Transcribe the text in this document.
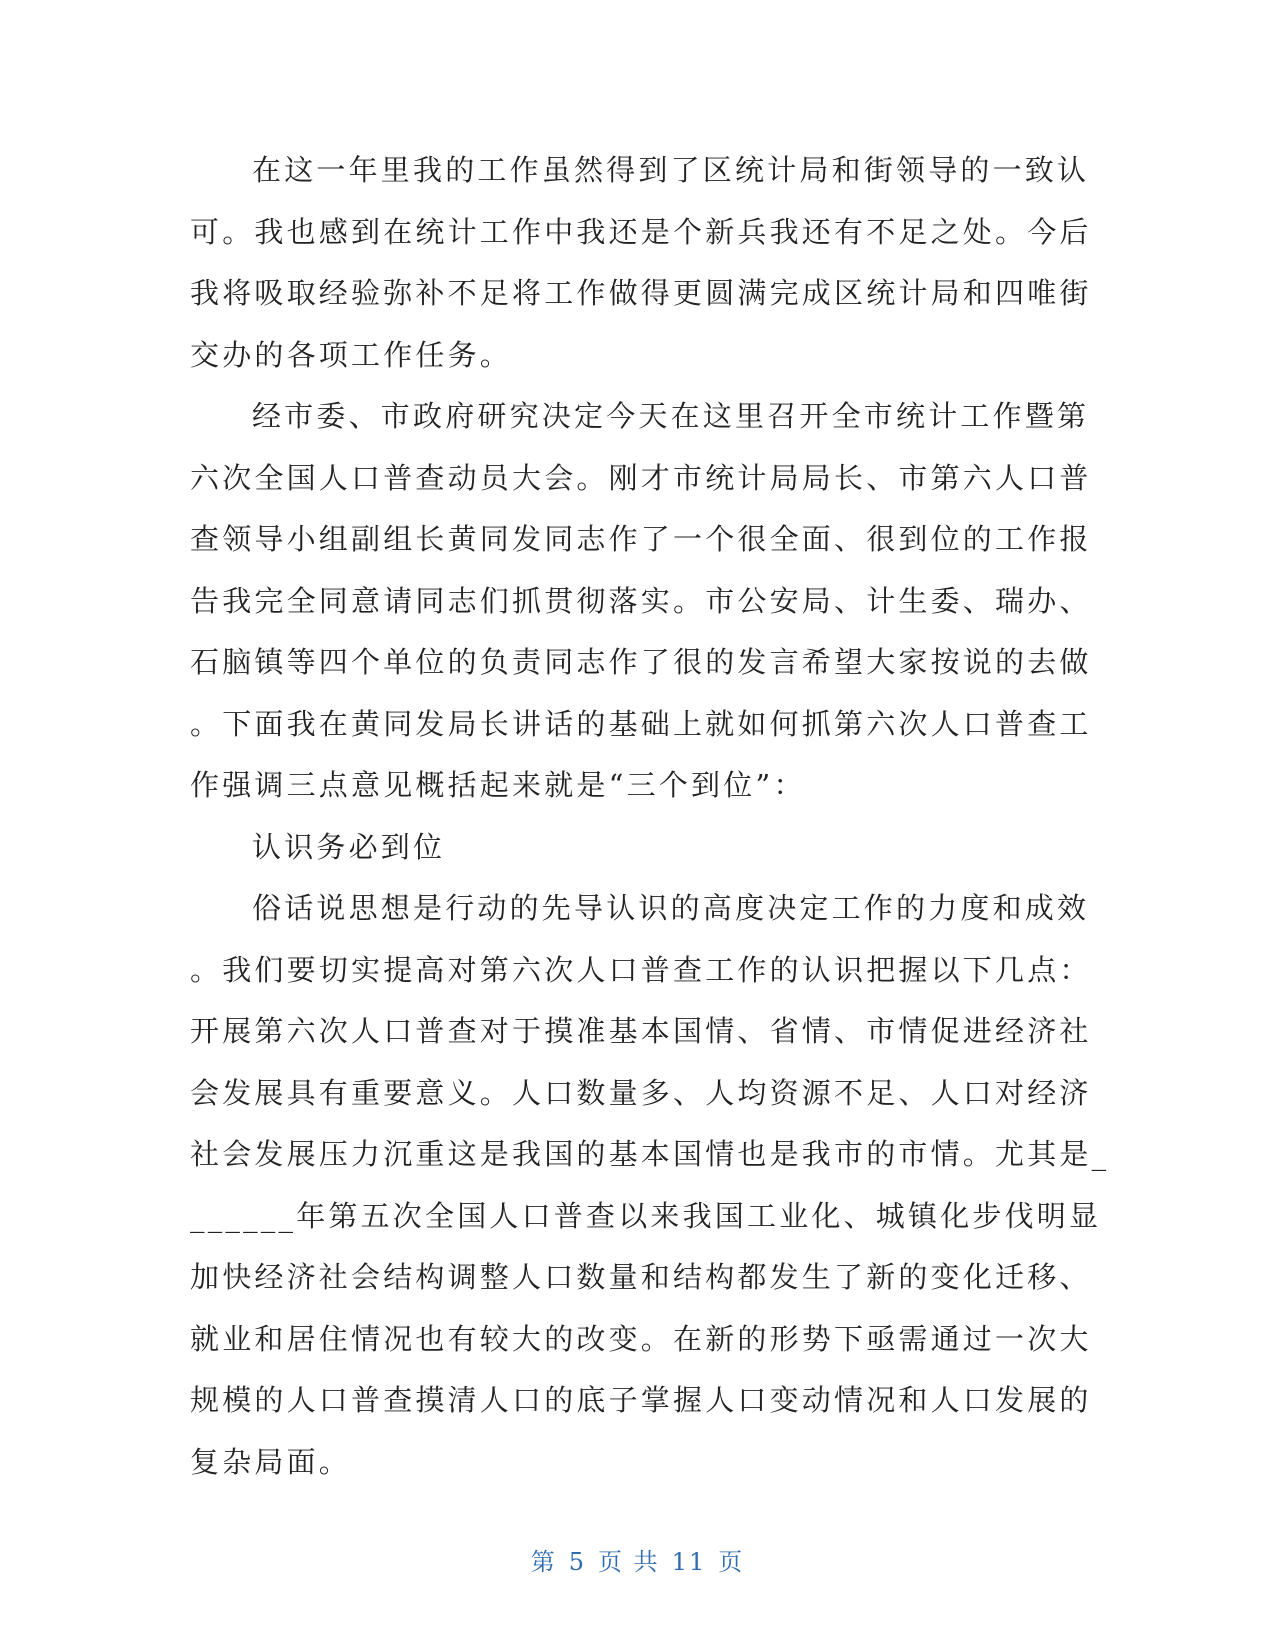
在这一年里我的工作虽然得到了区统计局和街领导的一致认
可。我也感到在统计工作中我还是个新兵我还有不足之处。今后
我将吸取经验弥补不足将工作做得更圆满完成区统计局和四唯街
交办的各项工作任务。
经市委、市政府研究决定今天在这里召开全市统计工作暨第
六次全国人口普查动员大会。刚才市统计局局长、市第六人口普
查领导小组副组长黄同发同志作了一个很全面、很到位的工作报
告我完全同意请同志们抓贯彻落实。市公安局、计生委、瑞办、
石脑镇等四个单位的负责同志作了很的发言希望大家按说的去做
。下面我在黄同发局长讲话的基础上就如何抓第六次人口普查工
作强调三点意见概括起来就是“三个到位”：
认识务必到位
俗话说思想是行动的先导认识的高度决定工作的力度和成效
。我们要切实提高对第六次人口普查工作的认识把握以下几点：
开展第六次人口普查对于摸准基本国情、省情、市情促进经济社
会发展具有重要意义。人口数量多、人均资源不足、人口对经济
社会发展压力沉重这是我国的基本国情也是我市的市情。尤其是_
______年第五次全国人口普查以来我国工业化、城镇化步伐明显
加快经济社会结构调整人口数量和结构都发生了新的变化迁移、
就业和居住情况也有较大的改变。在新的形势下亟需通过一次大
规模的人口普查摸清人口的底子掌握人口变动情况和人口发展的
复杂局面。
第 5 页 共 11 页
